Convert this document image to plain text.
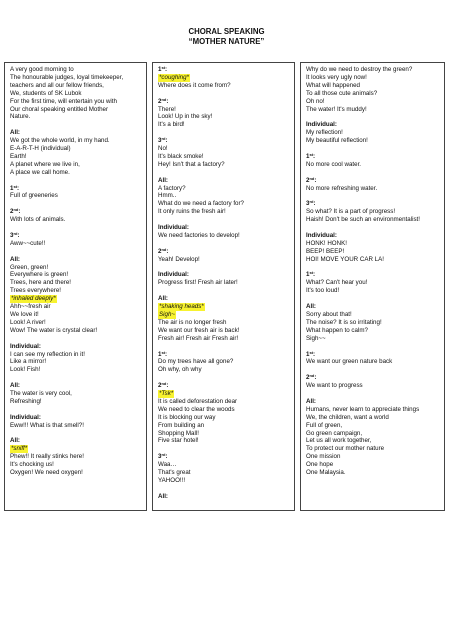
CHORAL SPEAKING
“MOTHER NATURE”
A very good morning to
The honourable judges, loyal timekeeper,
teachers and all our fellow friends,
We, students of SK Lubok
For the first time, will entertain you with
Our choral speaking entitled Mother
Nature.
All:
We got the whole world, in my hand.
E-A-R-T-H (individual)
Earth!
A planet where we live in,
A place we call home.
1st:
Full of greeneries
2nd:
With lots of animals.
3rd:
Aww~~cute!!
All:
Green, green!
Everywhere is green!
Trees, here and there!
Trees everywhere!
*inhaled deeply*
Ahh~~fresh air
We love it!
Look! A river!
Wow! The water is crystal clear!
Individual:
I can see my reflection in it!
Like a mirror!
Look! Fish!
All:
The water is very cool,
Refreshing!
Individual:
Eww!!! What is that smell?!
All:
*sniff*
Phew!! It really stinks here!
It's chocking us!
Oxygen! We need oxygen!
1st:
*coughing*
Where does it come from?
2nd:
There!
Look! Up in the sky!
It's a bird!
3rd:
No!
It's black smoke!
Hey! Isn't that a factory?
All:
A factory?
Hmm..
What do we need a factory for?
It only ruins the fresh air!
Individual:
We need factories to develop!
2nd:
Yeah! Develop!
Individual:
Progress first! Fresh air later!
All:
*shaking heads*
Sigh~
The air is no longer fresh
We want our fresh air is back!
Fresh air! Fresh air Fresh air!
1st:
Do my trees have all gone?
Oh why, oh why
2nd:
*Tsk*
It is called deforestation dear
We need to clear the woods
It is blocking our way
From building an
Shopping Mall!
Five star hotel!
3rd:
Waa…
That's great
YAHOO!!!
All:
Why do we need to destroy the green?
It looks very ugly now!
What will happened
To all those cute animals?
Oh no!
The water! It's muddy!
Individual:
My reflection!
My beautiful reflection!
1st:
No more cool water.
2nd:
No more refreshing water.
3rd:
So what? It is a part of progress!
Haish! Don't be such an environmentalist!
Individual:
HONK! HONK!
BEEP! BEEP!
HOI! MOVE YOUR CAR LA!
1st:
What? Can't hear you!
It's too loud!
All:
Sorry about that!
The noise? It is so irritating!
What happen to calm?
Sigh~~
1st:
We want our green nature back
2nd:
We want to progress
All:
Humans, never learn to appreciate things
We, the children, want a world
Full of green,
Go green campaign,
Let us all work together,
To protect our mother nature
One mission
One hope
One Malaysia.
